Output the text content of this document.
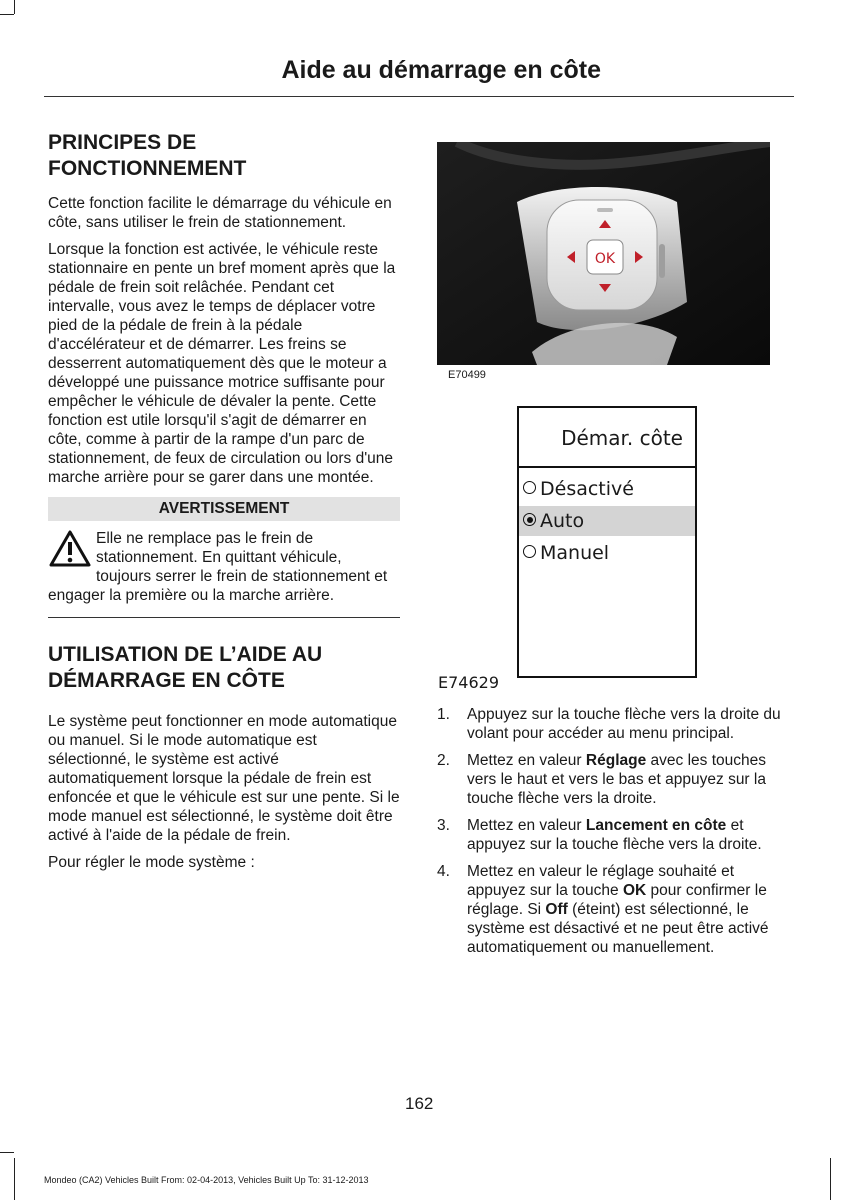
Aide au démarrage en côte
PRINCIPES DE FONCTIONNEMENT

Cette fonction facilite le démarrage du véhicule en côte, sans utiliser le frein de stationnement.

Lorsque la fonction est activée, le véhicule reste stationnaire en pente un bref moment après que la pédale de frein soit relâchée. Pendant cet intervalle, vous avez le temps de déplacer votre pied de la pédale de frein à la pédale d'accélérateur et de démarrer. Les freins se desserrent automatiquement dès que le moteur a développé une puissance motrice suffisante pour empêcher le véhicule de dévaler la pente. Cette fonction est utile lorsqu'il s'agit de démarrer en côte, comme à partir de la rampe d'un parc de stationnement, de feux de circulation ou lors d'une marche arrière pour se garer dans une montée.

AVERTISSEMENT
Elle ne remplace pas le frein de stationnement. En quittant véhicule, toujours serrer le frein de stationnement et engager la première ou la marche arrière.
UTILISATION DE L’AIDE AU DÉMARRAGE EN CÔTE

Le système peut fonctionner en mode automatique ou manuel. Si le mode automatique est sélectionné, le système est activé automatiquement lorsque la pédale de frein est enfoncée et que le véhicule est sur une pente. Si le mode manuel est sélectionné, le système doit être activé à l'aide de la pédale de frein.

Pour régler le mode système :

OK
E70499
Démar. côte
Désactivé
Auto
Manuel
E74629
1.	Appuyez sur la touche flèche vers la droite du volant pour accéder au menu principal.
2.	Mettez en valeur Réglage avec les touches vers le haut et vers le bas et appuyez sur la touche flèche vers la droite.
3.	Mettez en valeur Lancement en côte et appuyez sur la touche flèche vers la droite.
4.	Mettez en valeur le réglage souhaité et appuyez sur la touche OK pour confirmer le réglage. Si Off (éteint) est sélectionné, le système est désactivé et ne peut être activé automatiquement ou manuellement.
162
Mondeo (CA2) Vehicles Built From: 02-04-2013, Vehicles Built Up To: 31-12-2013
